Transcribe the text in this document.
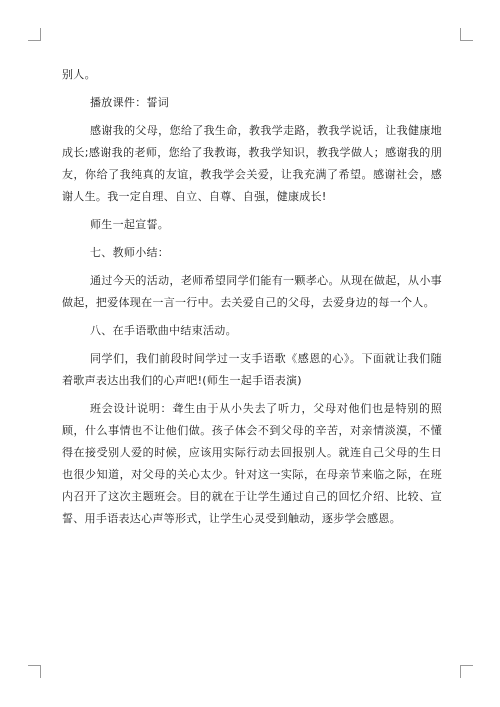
别人。

播放课件：誓词

感谢我的父母，您给了我生命，教我学走路，教我学说话，让我健康地成长;感谢我的老师，您给了我教诲，教我学知识，教我学做人；感谢我的朋友，你给了我纯真的友谊，教我学会关爱，让我充满了希望。感谢社会，感谢人生。我一定自理、自立、自尊、自强，健康成长!

师生一起宣誓。

七、教师小结：

通过今天的活动，老师希望同学们能有一颗孝心。从现在做起，从小事做起，把爱体现在一言一行中。去关爱自己的父母，去爱身边的每一个人。

八、在手语歌曲中结束活动。

同学们，我们前段时间学过一支手语歌《感恩的心》。下面就让我们随着歌声表达出我们的心声吧!(师生一起手语表演)

班会设计说明：聋生由于从小失去了听力，父母对他们也是特别的照顾，什么事情也不让他们做。孩子体会不到父母的辛苦，对亲情淡漠，不懂得在接受别人爱的时候，应该用实际行动去回报别人。就连自己父母的生日也很少知道，对父母的关心太少。针对这一实际，在母亲节来临之际，在班内召开了这次主题班会。目的就在于让学生通过自己的回忆介绍、比较、宣誓、用手语表达心声等形式，让学生心灵受到触动，逐步学会感恩。
